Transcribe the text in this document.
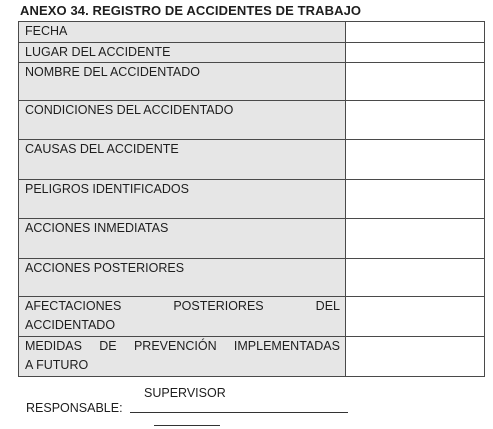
ANEXO 34. REGISTRO DE ACCIDENTES DE TRABAJO
FECHA	
LUGAR DEL ACCIDENTE	
NOMBRE DEL ACCIDENTADO	
CONDICIONES DEL ACCIDENTADO	
CAUSAS DEL ACCIDENTE	
PELIGROS IDENTIFICADOS	
ACCIONES INMEDIATAS	
ACCIONES POSTERIORES	

AFECTACIONES POSTERIORES DEL
ACCIDENTADO	

MEDIDAS DE PREVENCIÓN IMPLEMENTADAS
A FUTURO	

SUPERVISOR
RESPONSABLE:
